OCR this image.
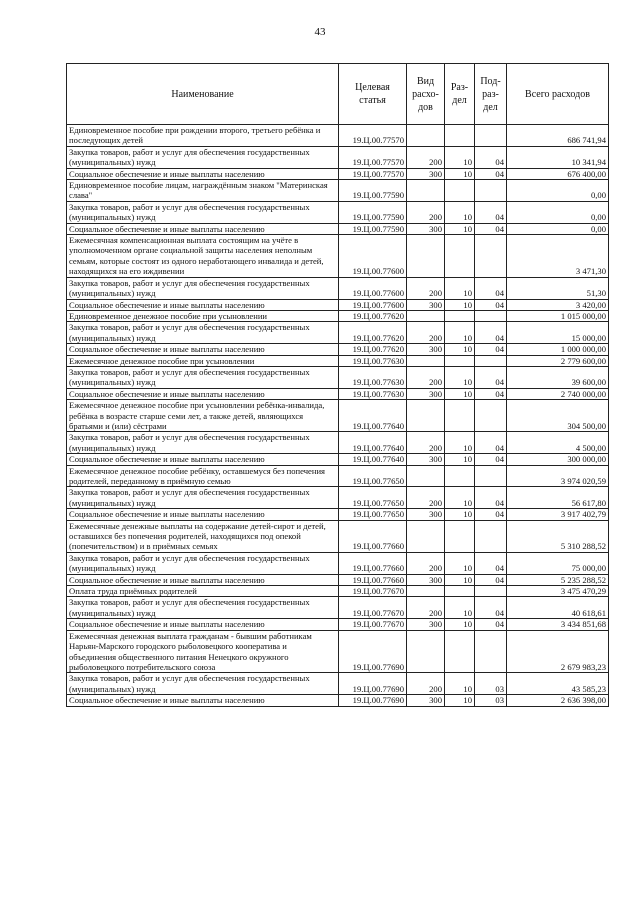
43
Наименование	Целевая статья	Вид расхо-дов	Раз-дел	Под-раз-дел	Всего расходов
Единовременное пособие при рождении второго, третьего ребёнка и последующих детей	19.Ц.00.77570				686 741,94
Закупка товаров, работ и услуг для обеспечения государственных (муниципальных) нужд	19.Ц.00.77570	200	10	04	10 341,94
Социальное обеспечение и иные выплаты населению	19.Ц.00.77570	300	10	04	676 400,00
Единовременное пособие лицам, награждённым знаком "Материнская слава"	19.Ц.00.77590				0,00
Закупка товаров, работ и услуг для обеспечения государственных (муниципальных) нужд	19.Ц.00.77590	200	10	04	0,00
Социальное обеспечение и иные выплаты населению	19.Ц.00.77590	300	10	04	0,00
Ежемесячная компенсационная выплата состоящим на учёте в уполномоченном органе социальной защиты населения неполным семьям, которые состоят из одного неработающего инвалида и детей, находящихся на его иждивении	19.Ц.00.77600				3 471,30
Закупка товаров, работ и услуг для обеспечения государственных (муниципальных) нужд	19.Ц.00.77600	200	10	04	51,30
Социальное обеспечение и иные выплаты населению	19.Ц.00.77600	300	10	04	3 420,00
Единовременное денежное пособие при усыновлении	19.Ц.00.77620				1 015 000,00
Закупка товаров, работ и услуг для обеспечения государственных (муниципальных) нужд	19.Ц.00.77620	200	10	04	15 000,00
Социальное обеспечение и иные выплаты населению	19.Ц.00.77620	300	10	04	1 000 000,00
Ежемесячное денежное пособие при усыновлении	19.Ц.00.77630				2 779 600,00
Закупка товаров, работ и услуг для обеспечения государственных (муниципальных) нужд	19.Ц.00.77630	200	10	04	39 600,00
Социальное обеспечение и иные выплаты населению	19.Ц.00.77630	300	10	04	2 740 000,00
Ежемесячное денежное пособие при усыновлении ребёнка-инвалида, ребёнка в возрасте старше семи лет, а также детей, являющихся братьями и (или) сёстрами	19.Ц.00.77640				304 500,00
Закупка товаров, работ и услуг для обеспечения государственных (муниципальных) нужд	19.Ц.00.77640	200	10	04	4 500,00
Социальное обеспечение и иные выплаты населению	19.Ц.00.77640	300	10	04	300 000,00
Ежемесячное денежное пособие ребёнку, оставшемуся без попечения родителей, переданному в приёмную семью	19.Ц.00.77650				3 974 020,59
Закупка товаров, работ и услуг для обеспечения государственных (муниципальных) нужд	19.Ц.00.77650	200	10	04	56 617,80
Социальное обеспечение и иные выплаты населению	19.Ц.00.77650	300	10	04	3 917 402,79
Ежемесячные денежные выплаты на содержание детей-сирот и детей, оставшихся без попечения родителей, находящихся под опекой (попечительством) и в приёмных семьях	19.Ц.00.77660				5 310 288,52
Закупка товаров, работ и услуг для обеспечения государственных (муниципальных) нужд	19.Ц.00.77660	200	10	04	75 000,00
Социальное обеспечение и иные выплаты населению	19.Ц.00.77660	300	10	04	5 235 288,52
Оплата труда приёмных родителей	19.Ц.00.77670				3 475 470,29
Закупка товаров, работ и услуг для обеспечения государственных (муниципальных) нужд	19.Ц.00.77670	200	10	04	40 618,61
Социальное обеспечение и иные выплаты населению	19.Ц.00.77670	300	10	04	3 434 851,68
Ежемесячная денежная выплата гражданам - бывшим работникам Нарьян-Марского городского рыболовецкого кооператива и объединения общественного питания Ненецкого окружного рыболовецкого потребительского союза	19.Ц.00.77690				2 679 983,23
Закупка товаров, работ и услуг для обеспечения государственных (муниципальных) нужд	19.Ц.00.77690	200	10	03	43 585,23
Социальное обеспечение и иные выплаты населению	19.Ц.00.77690	300	10	03	2 636 398,00
